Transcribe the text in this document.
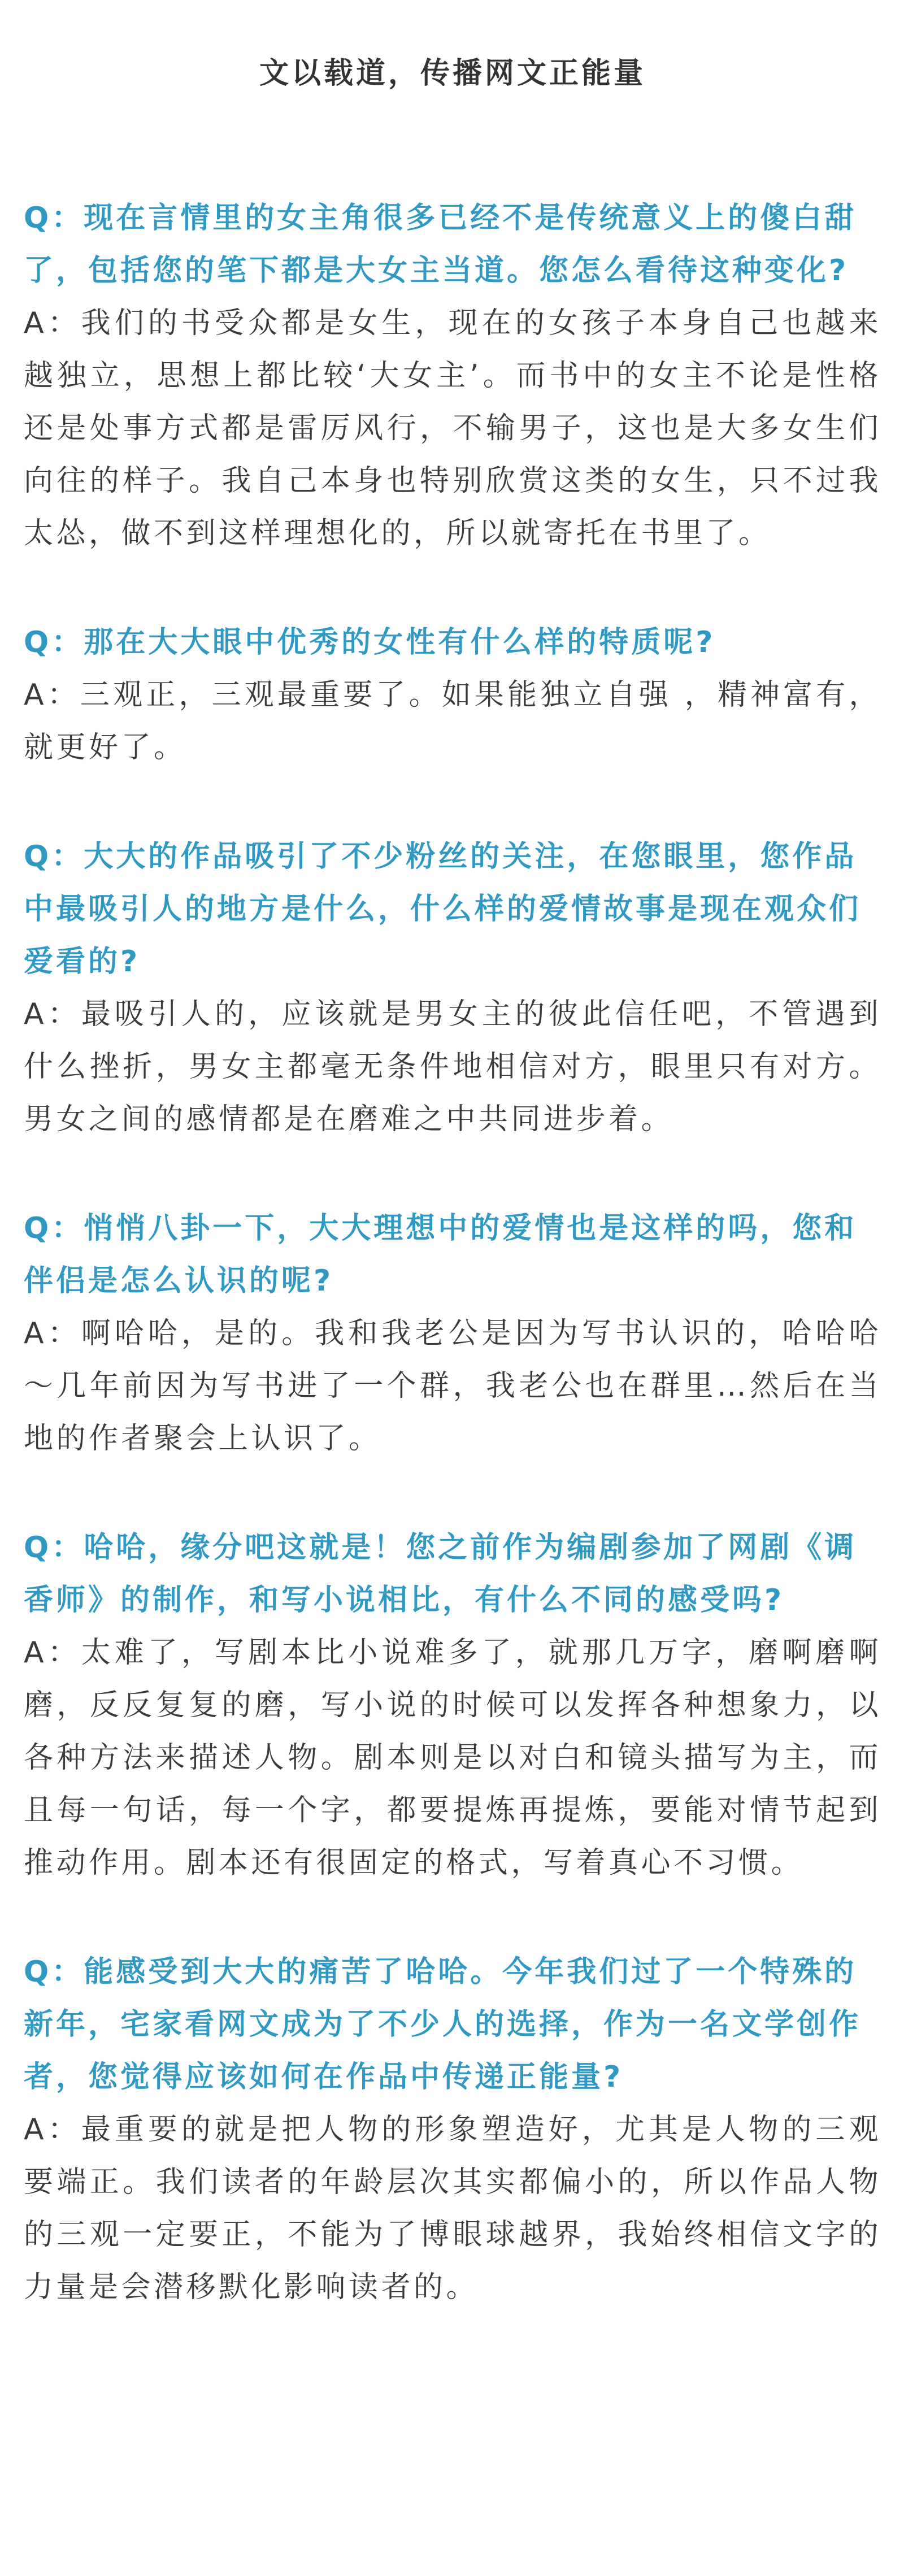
文以载道，传播网文正能量

Q：现在言情里的女主角很多已经不是传统意义上的傻白甜了，包括您的笔下都是大女主当道。您怎么看待这种变化?

A：我们的书受众都是女生，现在的女孩子本身自己也越来越独立，思想上都比较‘大女主’。而书中的女主不论是性格还是处事方式都是雷厉风行，不输男子，这也是大多女生们向往的样子。我自己本身也特别欣赏这类的女生，只不过我太怂，做不到这样理想化的，所以就寄托在书里了。

Q：那在大大眼中优秀的女性有什么样的特质呢?

A：三观正，三观最重要了。如果能独立自强 ，精神富有，就更好了。

Q：大大的作品吸引了不少粉丝的关注，在您眼里，您作品中最吸引人的地方是什么，什么样的爱情故事是现在观众们爱看的?

A：最吸引人的，应该就是男女主的彼此信任吧，不管遇到什么挫折，男女主都毫无条件地相信对方，眼里只有对方。男女之间的感情都是在磨难之中共同进步着。

Q：悄悄八卦一下，大大理想中的爱情也是这样的吗，您和伴侣是怎么认识的呢?

A：啊哈哈，是的。我和我老公是因为写书认识的，哈哈哈～几年前因为写书进了一个群，我老公也在群里…然后在当地的作者聚会上认识了。

Q：哈哈，缘分吧这就是！您之前作为编剧参加了网剧《调香师》的制作，和写小说相比，有什么不同的感受吗?

A：太难了，写剧本比小说难多了，就那几万字，磨啊磨啊磨，反反复复的磨，写小说的时候可以发挥各种想象力，以各种方法来描述人物。剧本则是以对白和镜头描写为主，而且每一句话，每一个字，都要提炼再提炼，要能对情节起到推动作用。剧本还有很固定的格式，写着真心不习惯。

Q：能感受到大大的痛苦了哈哈。今年我们过了一个特殊的新年，宅家看网文成为了不少人的选择，作为一名文学创作者，您觉得应该如何在作品中传递正能量?

A：最重要的就是把人物的形象塑造好，尤其是人物的三观要端正。我们读者的年龄层次其实都偏小的，所以作品人物的三观一定要正，不能为了博眼球越界，我始终相信文字的力量是会潜移默化影响读者的。
